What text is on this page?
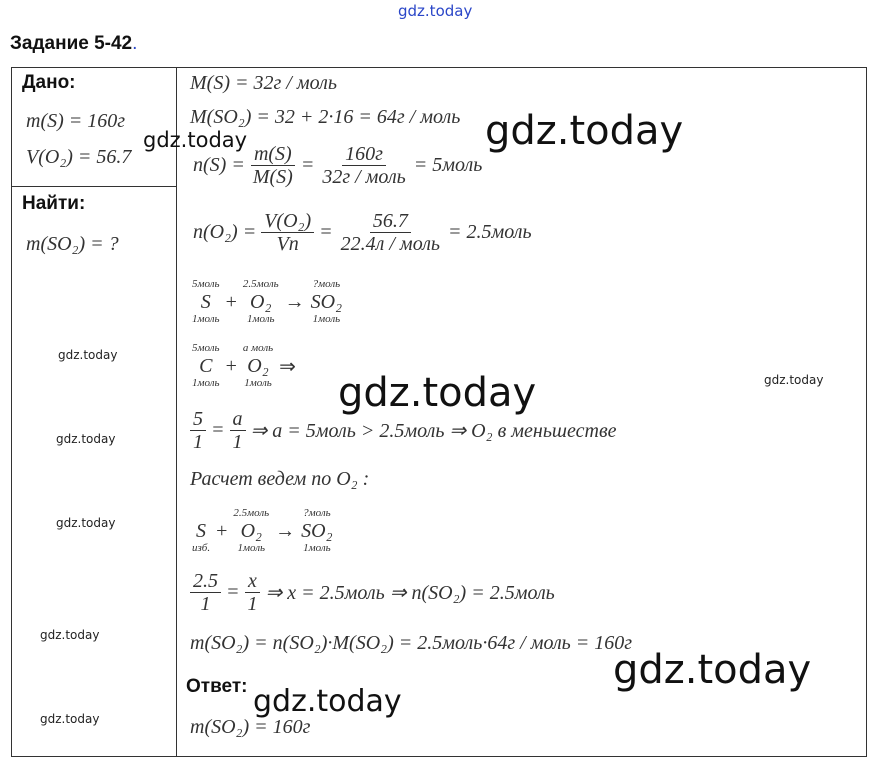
gdz.today
Задание 5-42.
Дано:
m(S) = 160г
V(O₂) = 56.7
Найти:
m(SO₂) = ?
M(S) = 32г / моль
M(SO₂) = 32 + 2·16 = 64г / моль
$n(S) = \frac{m(S)}{M(S)} = \frac{160г}{\text{32г / моль}}$ = 5моль
$n(O_2) = \frac{\text{V(O₂)}}{Vn} = \frac{56.7}{\text{22.4л / моль}}$ = 2.5моль
5моль
S
1моль
+
2.5моль
O₂
1моль
→
?моль
SO₂
1моль
5моль
C
1моль
+
a моль
O₂
1моль
⇒
$\frac{5}{1} = \frac{a}{1}$ ⇒ a = 5моль > 2.5моль ⇒ O₂ в меньшестве
Расчет ведем по O₂ :

S
изб.
+
2.5моль
O₂
1моль
→
?моль
SO₂
1моль
$\frac{2.5}{1} = \frac{x}{1}$ ⇒ x = 2.5моль ⇒ n(SO₂) = 2.5моль
m(SO₂) = n(SO₂)·M(SO₂) = 2.5моль·64г / моль = 160г
Ответ:
m(SO₂) = 160г
gdz.today
gdz.today
gdz.today
gdz.today
gdz.today
gdz.today
gdz.today
gdz.today
gdz.today
gdz.today
gdz.today
